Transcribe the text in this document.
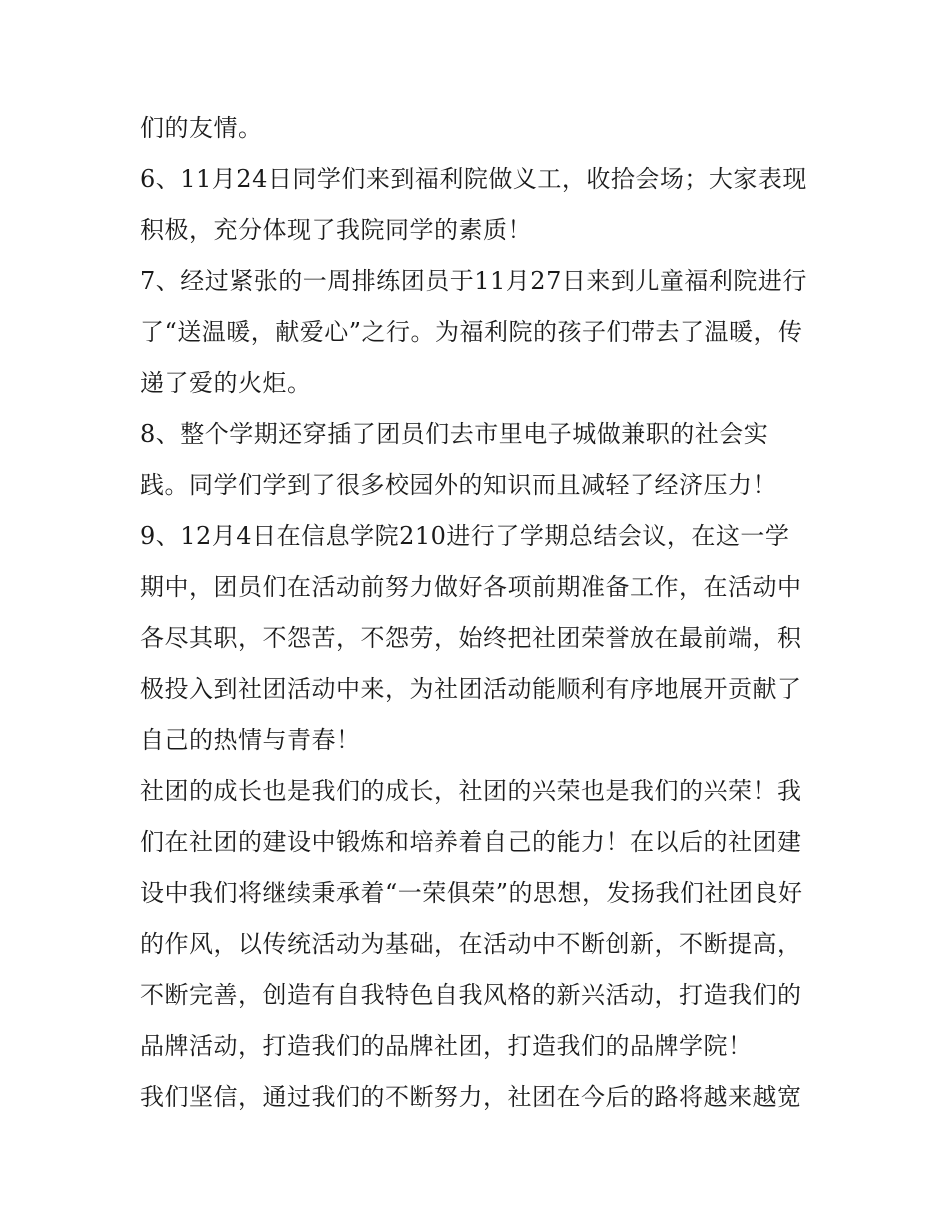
们的友情。
6、11月24日同学们来到福利院做义工，收拾会场；大家表现
积极，充分体现了我院同学的素质！
7、经过紧张的一周排练团员于11月27日来到儿童福利院进行
了“送温暖，献爱心”之行。为福利院的孩子们带去了温暖，传
递了爱的火炬。
8、整个学期还穿插了团员们去市里电子城做兼职的社会实
践。同学们学到了很多校园外的知识而且减轻了经济压力！
9、12月4日在信息学院210进行了学期总结会议，在这一学
期中，团员们在活动前努力做好各项前期准备工作，在活动中
各尽其职，不怨苦，不怨劳，始终把社团荣誉放在最前端，积
极投入到社团活动中来，为社团活动能顺利有序地展开贡献了
自己的热情与青春！
社团的成长也是我们的成长，社团的兴荣也是我们的兴荣！我
们在社团的建设中锻炼和培养着自己的能力！在以后的社团建
设中我们将继续秉承着“一荣俱荣”的思想，发扬我们社团良好
的作风，以传统活动为基础，在活动中不断创新，不断提高，
不断完善，创造有自我特色自我风格的新兴活动，打造我们的
品牌活动，打造我们的品牌社团，打造我们的品牌学院！
我们坚信，通过我们的不断努力，社团在今后的路将越来越宽
